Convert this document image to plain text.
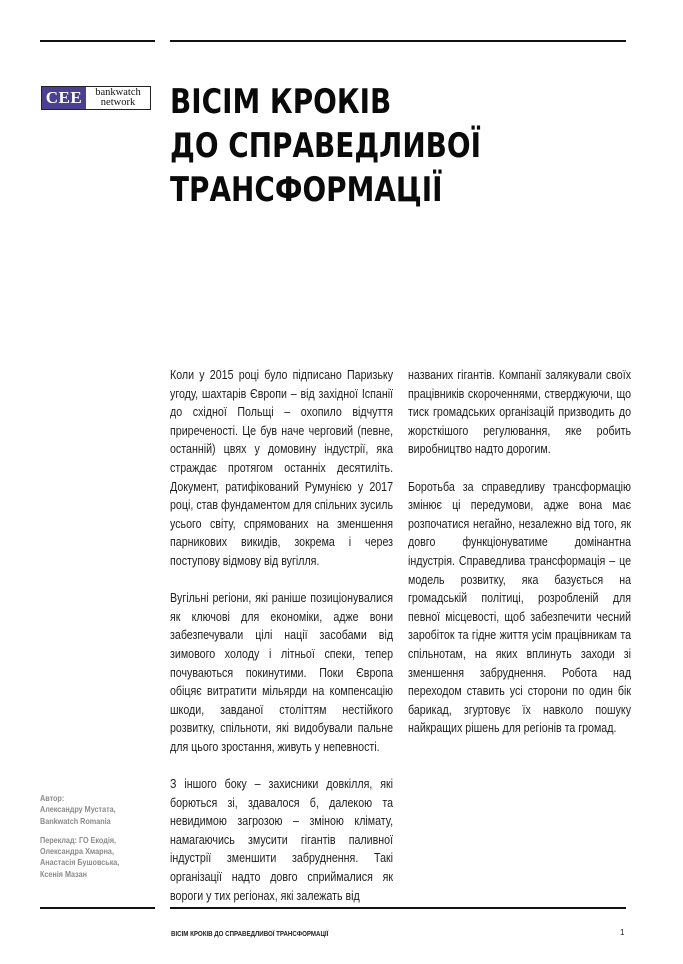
CEE	bankwatch
network	ВІСІМ КРОКІВ
ДО СПРАВЕДЛИВОЇ
ТРАНСФОРМАЦІЇ

Коли у 2015 році було підписано Паризьку угоду, шахтарів Європи – від західної Іспанії до східної Польщі – охопило відчуття приреченості. Це був наче черговий (певне, останній) цвях у домовину індустрії, яка страждає протягом останніх десятиліть. Документ, ратифікований Румунією у 2017 році, став фундаментом для спільних зусиль усього світу, спрямованих на зменшення парникових викидів, зокрема і через поступову відмову від вугілля.

Вугільні регіони, які раніше позиціонувалися як ключові для економіки, адже вони забезпечували цілі нації засобами від зимового холоду і літньої спеки, тепер почуваються покинутими. Поки Європа обіцяє витратити мільярди на компенсацію шкоди, завданої століттям нестійкого розвитку, спільноти, які видобували пальне для цього зростання, живуть у непевності.

З іншого боку – захисники довкілля, які борються зі, здавалося б, далекою та невидимою загрозою – зміною клімату, намагаючись змусити гігантів паливної індустрії зменшити забруднення. Такі організації надто довго сприймалися як вороги у тих регіонах, які залежать від

названих гігантів. Компанії залякували своїх працівників скороченнями, стверджуючи, що тиск громадських організацій призводить до жорсткішого регулювання, яке робить виробництво надто дорогим.

Боротьба за справедливу трансформацію змінює ці передумови, адже вона має розпочатися негайно, незалежно від того, як довго функціонуватиме домінантна індустрія. Справедлива трансформація – це модель розвитку, яка базується на громадській політиці, розробленій для певної місцевості, щоб забезпечити чесний заробіток та гідне життя усім працівникам та спільнотам, на яких вплинуть заходи зі зменшення забруднення. Робота над переходом ставить усі сторони по один бік барикад, згуртовує їх навколо пошуку найкращих рішень для регіонів та громад.

Автор:
Александру Мустата,
Bankwatch Romania

Переклад: ГО Екодія,
Олександра Хмарна,
Анастасія Бушовська,
Ксенія Мазан

ВІСІМ КРОКІВ ДО СПРАВЕДЛИВОЇ ТРАНСФОРМАЦІЇ	1
